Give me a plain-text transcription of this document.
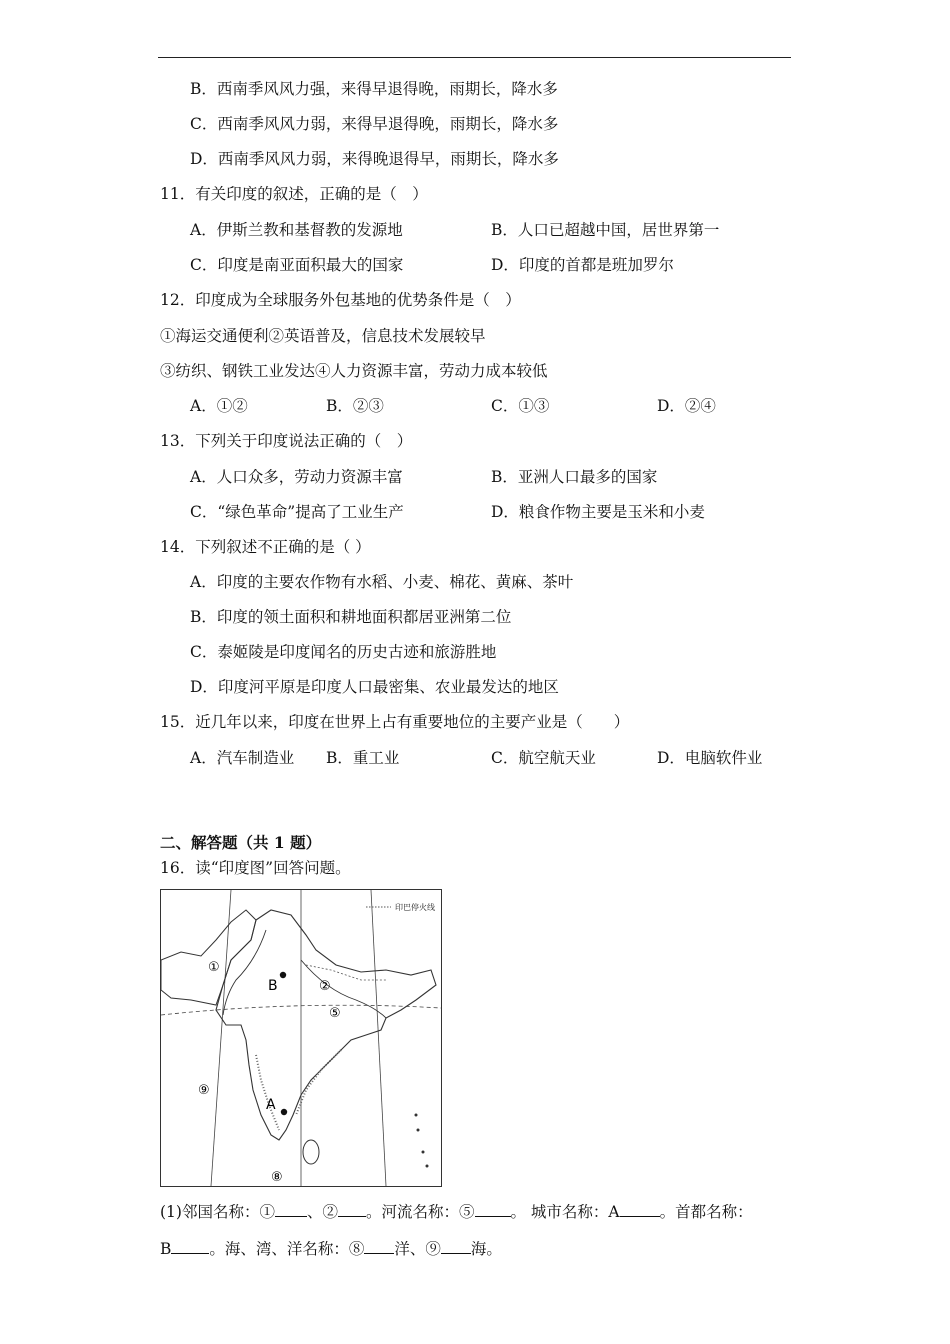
B．西南季风风力强，来得早退得晚，雨期长，降水多
C．西南季风风力弱，来得早退得晚，雨期长，降水多
D．西南季风风力弱，来得晚退得早，雨期长，降水多
11．有关印度的叙述，正确的是（　）
A．伊斯兰教和基督教的发源地	B．人口已超越中国，居世界第一
C．印度是南亚面积最大的国家	D．印度的首都是班加罗尔
12．印度成为全球服务外包基地的优势条件是（　）
①海运交通便利②英语普及，信息技术发展较早
③纺织、钢铁工业发达④人力资源丰富，劳动力成本较低
A．①②	B．②③	C．①③	D．②④
13．下列关于印度说法正确的（　）
A．人口众多，劳动力资源丰富	B．亚洲人口最多的国家
C．“绿色革命”提高了工业生产	D．粮食作物主要是玉米和小麦
14．下列叙述不正确的是（ ）
A．印度的主要农作物有水稻、小麦、棉花、黄麻、茶叶
B．印度的领土面积和耕地面积都居亚洲第二位
C．泰姬陵是印度闻名的历史古迹和旅游胜地
D．印度河平原是印度人口最密集、农业最发达的地区
15．近几年以来，印度在世界上占有重要地位的主要产业是（　　）
A．汽车制造业 B．重工业	C．航空航天业	D．电脑软件业
二、解答题（共 1 题）
16．读“印度图”回答问题。
印巴停火线
①
②
⑤
⑨
⑧
A
B
(1)邻国名称：① 、② 。河流名称：⑤ 。 城市名称：A	。首都名称：
B 。海、湾、洋名称：⑧ 洋、⑨ 海。
